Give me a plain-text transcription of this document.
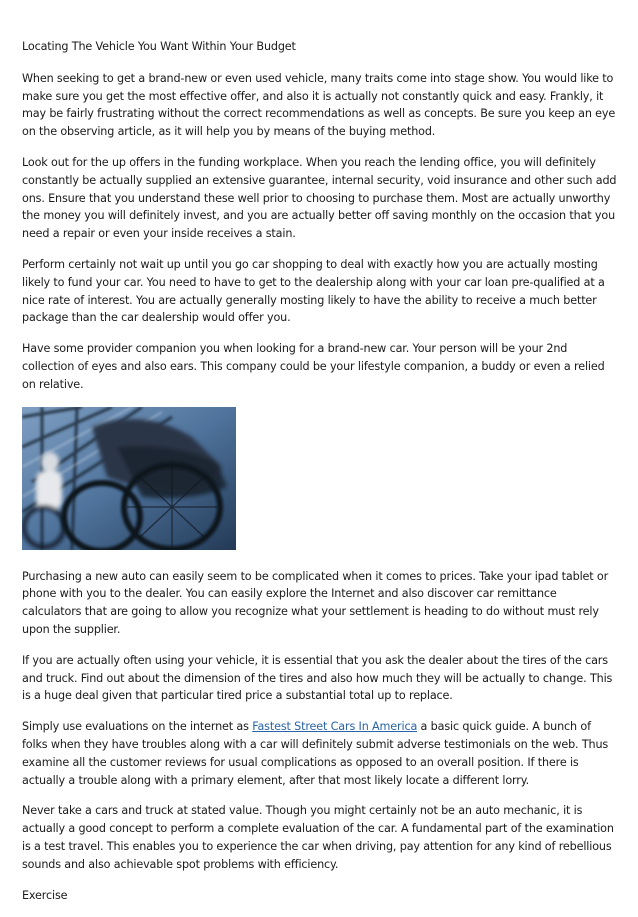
Locating The Vehicle You Want Within Your Budget

When seeking to get a brand-new or even used vehicle, many traits come into stage show. You would like to make sure you get the most effective offer, and also it is actually not constantly quick and easy. Frankly, it may be fairly frustrating without the correct recommendations as well as concepts. Be sure you keep an eye on the observing article, as it will help you by means of the buying method.

Look out for the up offers in the funding workplace. When you reach the lending office, you will definitely constantly be actually supplied an extensive guarantee, internal security, void insurance and other such add ons. Ensure that you understand these well prior to choosing to purchase them. Most are actually unworthy the money you will definitely invest, and you are actually better off saving monthly on the occasion that you need a repair or even your inside receives a stain.

Perform certainly not wait up until you go car shopping to deal with exactly how you are actually mosting likely to fund your car. You need to have to get to the dealership along with your car loan pre-qualified at a nice rate of interest. You are actually generally mosting likely to have the ability to receive a much better package than the car dealership would offer you.

Have some provider companion you when looking for a brand-new car. Your person will be your 2nd collection of eyes and also ears. This company could be your lifestyle companion, a buddy or even a relied on relative.

Purchasing a new auto can easily seem to be complicated when it comes to prices. Take your ipad tablet or phone with you to the dealer. You can easily explore the Internet and also discover car remittance calculators that are going to allow you recognize what your settlement is heading to do without must rely upon the supplier.

If you are actually often using your vehicle, it is essential that you ask the dealer about the tires of the cars and truck. Find out about the dimension of the tires and also how much they will be actually to change. This is a huge deal given that particular tired price a substantial total up to replace.

Simply use evaluations on the internet as Fastest Street Cars In America a basic quick guide. A bunch of folks when they have troubles along with a car will definitely submit adverse testimonials on the web. Thus examine all the customer reviews for usual complications as opposed to an overall position. If there is actually a trouble along with a primary element, after that most likely locate a different lorry.

Never take a cars and truck at stated value. Though you might certainly not be an auto mechanic, it is actually a good concept to perform a complete evaluation of the car. A fundamental part of the examination is a test travel. This enables you to experience the car when driving, pay attention for any kind of rebellious sounds and also achievable spot problems with efficiency.

Exercise
